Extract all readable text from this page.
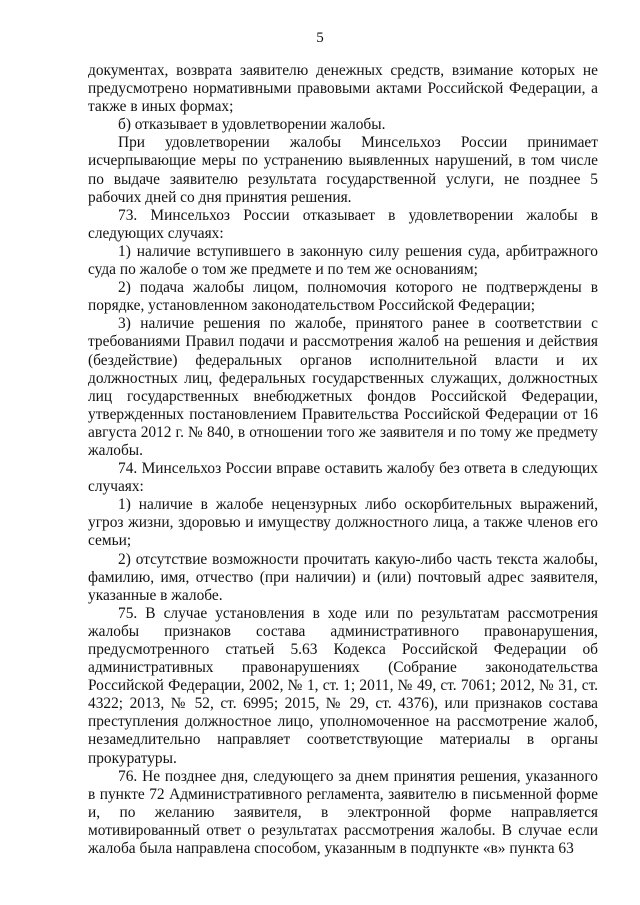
5

документах, возврата заявителю денежных средств, взимание которых не предусмотрено нормативными правовыми актами Российской Федерации, а также в иных формах;

б) отказывает в удовлетворении жалобы.

При удовлетворении жалобы Минсельхоз России принимает исчерпывающие меры по устранению выявленных нарушений, в том числе по выдаче заявителю результата государственной услуги, не позднее 5 рабочих дней со дня принятия решения.

73. Минсельхоз России отказывает в удовлетворении жалобы в следующих случаях:

1) наличие вступившего в законную силу решения суда, арбитражного суда по жалобе о том же предмете и по тем же основаниям;

2) подача жалобы лицом, полномочия которого не подтверждены в порядке, установленном законодательством Российской Федерации;

3) наличие решения по жалобе, принятого ранее в соответствии с требованиями Правил подачи и рассмотрения жалоб на решения и действия (бездействие) федеральных органов исполнительной власти и их должностных лиц, федеральных государственных служащих, должностных лиц государственных внебюджетных фондов Российской Федерации, утвержденных постановлением Правительства Российской Федерации от 16 августа 2012 г. № 840, в отношении того же заявителя и по тому же предмету жалобы.

74. Минсельхоз России вправе оставить жалобу без ответа в следующих случаях:

1) наличие в жалобе нецензурных либо оскорбительных выражений, угроз жизни, здоровью и имуществу должностного лица, а также членов его семьи;

2) отсутствие возможности прочитать какую-либо часть текста жалобы, фамилию, имя, отчество (при наличии) и (или) почтовый адрес заявителя, указанные в жалобе.

75. В случае установления в ходе или по результатам рассмотрения жалобы признаков состава административного правонарушения, предусмотренного статьей 5.63 Кодекса Российской Федерации об административных правонарушениях (Собрание законодательства Российской Федерации, 2002, № 1, ст. 1; 2011, № 49, ст. 7061; 2012, № 31, ст. 4322; 2013, № 52, ст. 6995; 2015, № 29, ст. 4376), или признаков состава преступления должностное лицо, уполномоченное на рассмотрение жалоб, незамедлительно направляет соответствующие материалы в органы прокуратуры.

76. Не позднее дня, следующего за днем принятия решения, указанного в пункте 72 Административного регламента, заявителю в письменной форме и, по желанию заявителя, в электронной форме направляется мотивированный ответ о результатах рассмотрения жалобы. В случае если жалоба была направлена способом, указанным в подпункте «в» пункта 63
